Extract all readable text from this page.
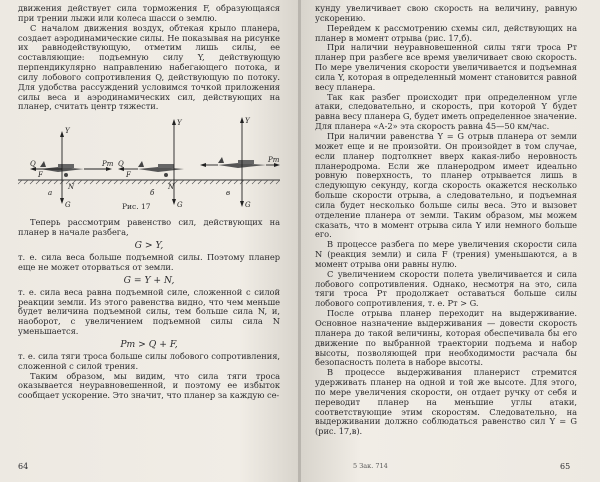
движения действует сила торможения F, образующаяся при трении лыжи или колеса шасси о землю.

С началом движения воздух, обтекая крыло планера, создает аэродинамические силы. Не показывая на рисунке их равнодействующую, отметим лишь силы, ее составляющие: подъемную силу Y, действующую перпендикулярно направлению набегающего потока, и силу лобового сопротивления Q, действующую по потоку. Для удобства рассуждений условимся точкой приложения силы веса и аэродинамических сил, действующих на планер, считать центр тяжести.

а	б	в
Y
Y	Y
Q	Q
F	F
Pт	Pт
G	G	G
N	N
Рис. 17

Теперь рассмотрим равенство сил, действующих на планер в начале разбега,

G > Y,

т. е. сила веса больше подъемной силы. Поэтому планер еще не может оторваться от земли.

G = Y + N,

т. е. сила веса равна подъемной силе, сложенной с силой реакции земли. Из этого равенства видно, что чем меньше будет величина подъемной силы, тем больше сила N, и, наоборот, с увеличением подъемной силы сила N уменьшается.

Pт > Q + F,

т. е. сила тяги троса больше силы лобового сопротивления, сложенной с силой трения.

Таким образом, мы видим, что сила тяги троса оказывается неуравновешенной, и поэтому ее избыток сообщает ускорение. Это значит, что планер за каждую се-

64

кунду увеличивает свою скорость на величину, равную ускорению.

Перейдем к рассмотрению схемы сил, действующих на планер в момент отрыва (рис. 17,б).

При наличии неуравновешенной силы тяги троса Pт планер при разбеге все время увеличивает свою скорость. По мере увеличения скорости увеличивается и подъемная сила Y, которая в определенный момент становится равной весу планера.

Так как разбег происходит при определенном угле атаки, следовательно, и скорость, при которой Y будет равна весу планера G, будет иметь определенное значение. Для планера «А-2» эта скорость равна 45—50 км/час.

При наличии равенства Y = G отрыв планера от земли может еще и не произойти. Он произойдет в том случае, если планер подтолкнет вверх какая-либо неровность планеродрома. Если же планеродром имеет идеально ровную поверхность, то планер отрывается лишь в следующую секунду, когда скорость окажется несколько больше скорости отрыва, а следовательно, и подъемная сила будет несколько больше силы веса. Это и вызовет отделение планера от земли. Таким образом, мы можем сказать, что в момент отрыва сила Y или немного больше его.

В процессе разбега по мере увеличения скорости сила N (реакция земли) и сила F (трения) уменьшаются, а в момент отрыва они равны нулю.

С увеличением скорости полета увеличивается и сила лобового сопротивления. Однако, несмотря на это, сила тяги троса Pт продолжает оставаться больше силы лобового сопротивления, т. е. Pт > G.

После отрыва планер переходит на выдерживание. Основное назначение выдерживания — довести скорость планера до такой величины, которая обеспечивала бы его движение по выбранной траектории подъема и набор высоты, позволяющей при необходимости расчала бы безопасность полета в наборе высоты.

В процессе выдерживания планерист стремится удерживать планер на одной и той же высоте. Для этого, по мере увеличения скорости, он отдает ручку от себя и переводит планер на меньшие углы атаки, соответствующие этим скоростям. Следовательно, на выдерживании должно соблюдаться равенство сил Y = G (рис. 17,в).

5 Зак. 714	65
